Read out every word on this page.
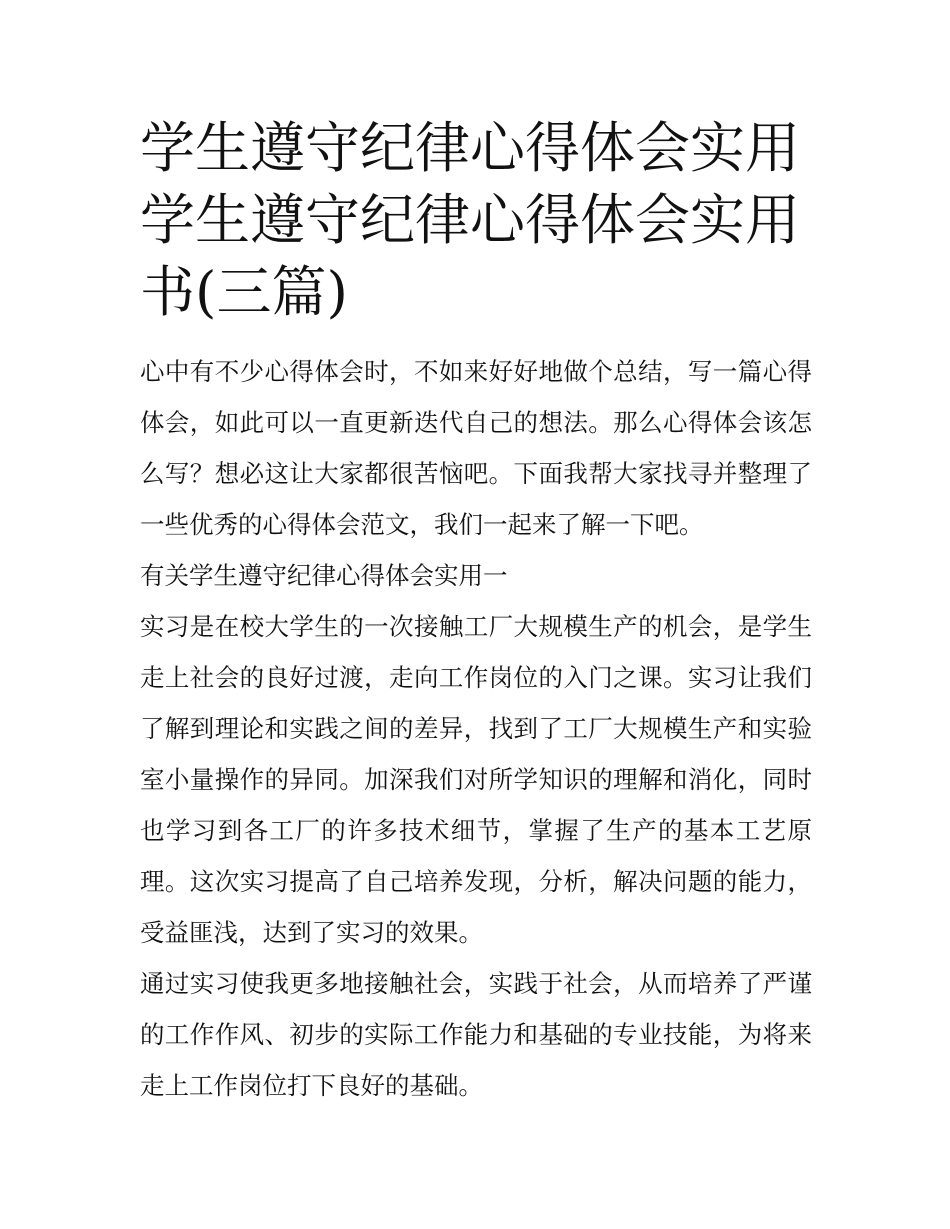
学生遵守纪律心得体会实用 学生遵守纪律心得体会实用书(三篇)

心中有不少心得体会时，不如来好好地做个总结，写一篇心得体会，如此可以一直更新迭代自己的想法。那么心得体会该怎么写？想必这让大家都很苦恼吧。下面我帮大家找寻并整理了一些优秀的心得体会范文，我们一起来了解一下吧。

有关学生遵守纪律心得体会实用一

实习是在校大学生的一次接触工厂大规模生产的机会，是学生走上社会的良好过渡，走向工作岗位的入门之课。实习让我们了解到理论和实践之间的差异，找到了工厂大规模生产和实验室小量操作的异同。加深我们对所学知识的理解和消化，同时也学习到各工厂的许多技术细节，掌握了生产的基本工艺原理。这次实习提高了自己培养发现，分析，解决问题的能力，受益匪浅，达到了实习的效果。

通过实习使我更多地接触社会，实践于社会，从而培养了严谨的工作作风、初步的实际工作能力和基础的专业技能，为将来走上工作岗位打下良好的基础。
